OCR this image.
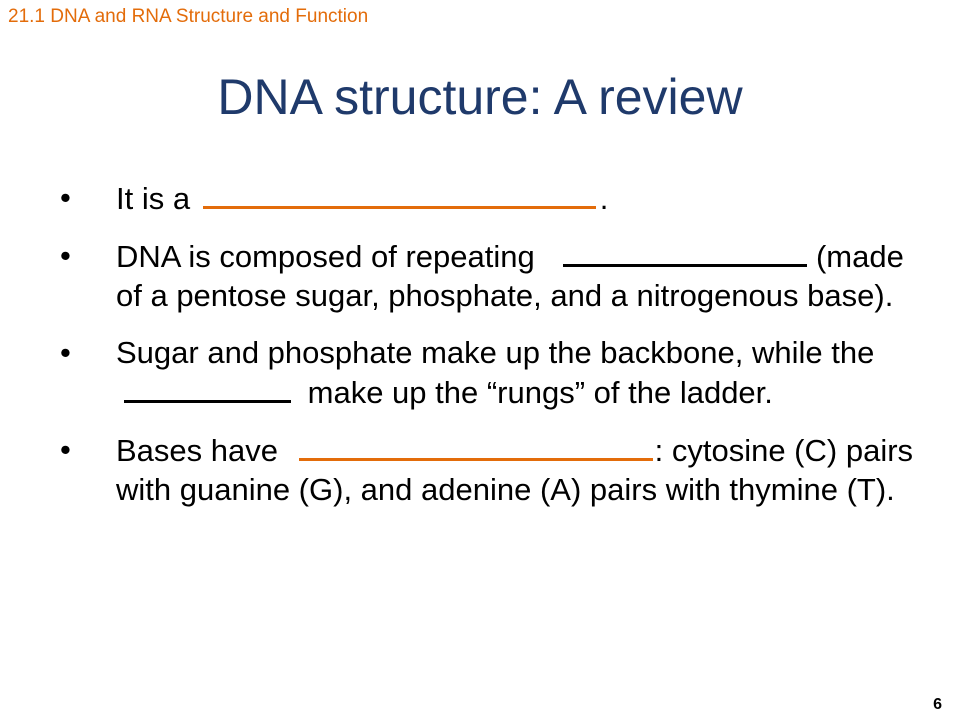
21.1 DNA and RNA Structure and Function
DNA structure: A review
• It is a	.
• DNA is composed of repeating	(made of a pentose sugar, phosphate, and a nitrogenous base).
• Sugar and phosphate make up the backbone, while the  make up the “rungs” of the ladder.
• Bases have	: cytosine (C) pairs with guanine (G), and adenine (A) pairs with thymine (T).
6
